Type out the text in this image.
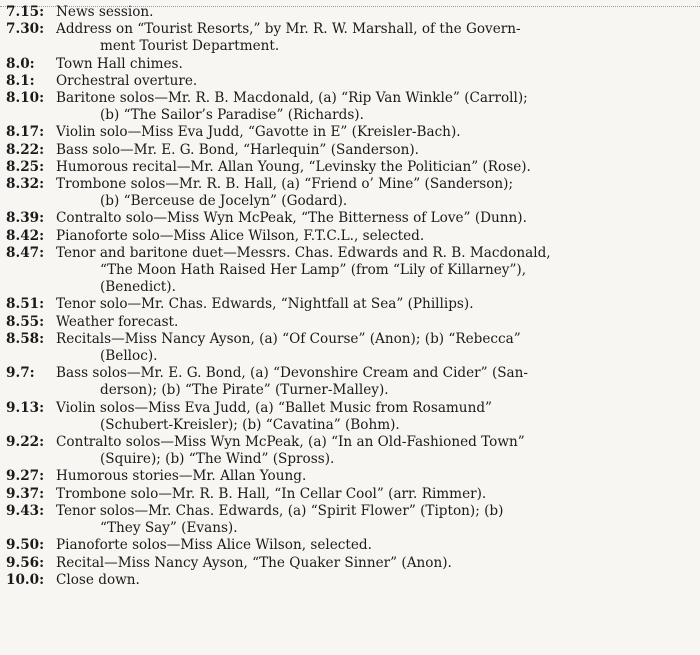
7.15: News session.
7.30: Address on “Tourist Resorts,” by Mr. R. W. Marshall, of the Govern-
ment Tourist Department.
8.0:	Town Hall chimes.
8.1:	Orchestral overture.
8.10: Baritone solos—Mr. R. B. Macdonald, (a) “Rip Van Winkle” (Carroll);
(b) “The Sailor’s Paradise” (Richards).
8.17: Violin solo—Miss Eva Judd, “Gavotte in E” (Kreisler-Bach).
8.22: Bass solo—Mr. E. G. Bond, “Harlequin” (Sanderson).
8.25: Humorous recital—Mr. Allan Young, “Levinsky the Politician” (Rose).
8.32: Trombone solos—Mr. R. B. Hall, (a) “Friend o’ Mine” (Sanderson);
(b) “Berceuse de Jocelyn” (Godard).
8.39: Contralto solo—Miss Wyn McPeak, “The Bitterness of Love” (Dunn).
8.42: Pianoforte solo—Miss Alice Wilson, F.T.C.L., selected.
8.47: Tenor and baritone duet—Messrs. Chas. Edwards and R. B. Macdonald,
“The Moon Hath Raised Her Lamp” (from “Lily of Killarney”),
(Benedict).
8.51: Tenor solo—Mr. Chas. Edwards, “Nightfall at Sea” (Phillips).
8.55: Weather forecast.
8.58: Recitals—Miss Nancy Ayson, (a) “Of Course” (Anon); (b) “Rebecca”
(Belloc).
9.7:	Bass solos—Mr. E. G. Bond, (a) “Devonshire Cream and Cider” (San-
derson); (b) “The Pirate” (Turner-Malley).
9.13: Violin solos—Miss Eva Judd, (a) “Ballet Music from Rosamund”
(Schubert-Kreisler); (b) “Cavatina” (Bohm).
9.22: Contralto solos—Miss Wyn McPeak, (a) “In an Old-Fashioned Town”
(Squire); (b) “The Wind” (Spross).
9.27: Humorous stories—Mr. Allan Young.
9.37: Trombone solo—Mr. R. B. Hall, “In Cellar Cool” (arr. Rimmer).
9.43: Tenor solos—Mr. Chas. Edwards, (a) “Spirit Flower” (Tipton); (b)
“They Say” (Evans).
9.50: Pianoforte solos—Miss Alice Wilson, selected.
9.56: Recital—Miss Nancy Ayson, “The Quaker Sinner” (Anon).
10.0: Close down.
